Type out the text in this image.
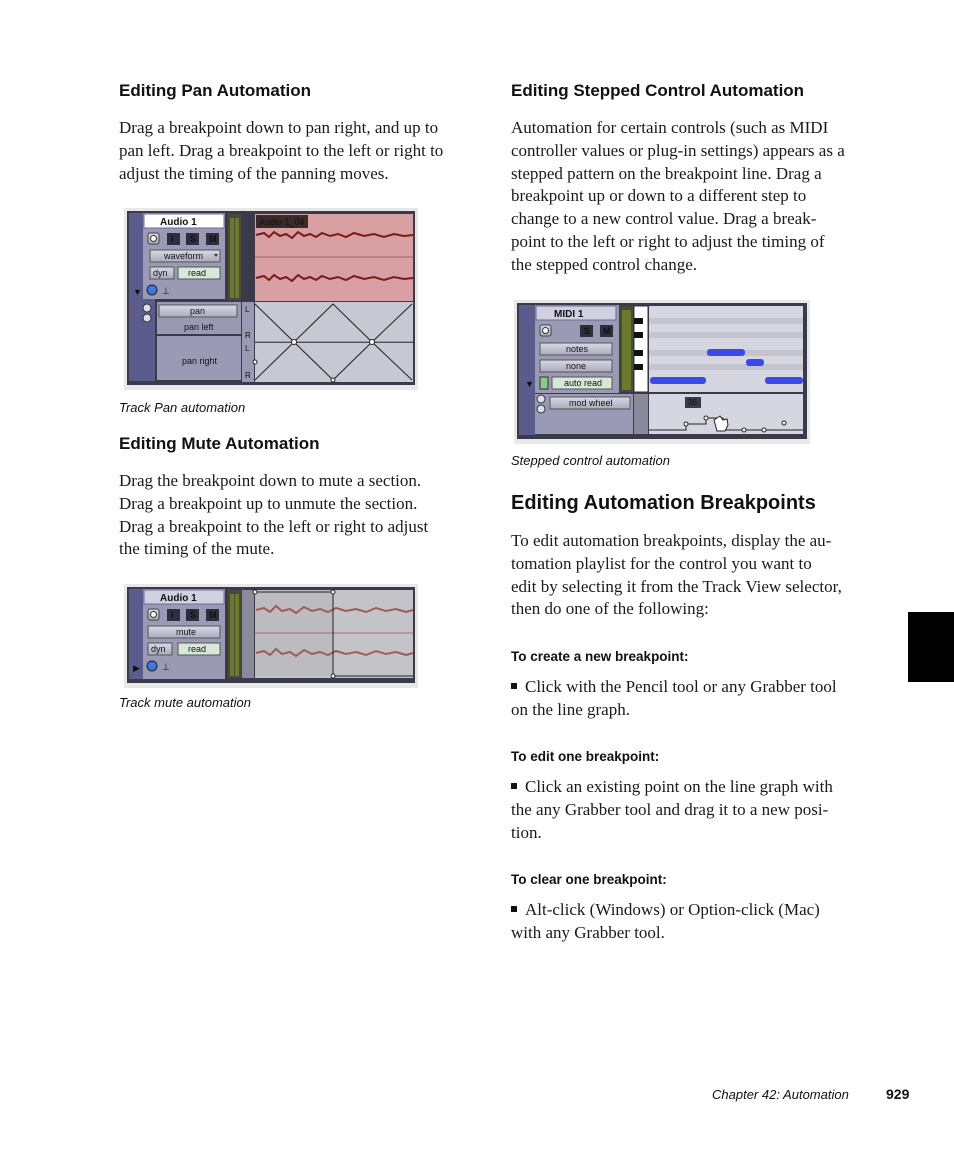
Editing Pan Automation
Drag a breakpoint down to pan right, and up to
pan left. Drag a breakpoint to the left or right to
adjust the timing of the panning moves.
Audio 1
I S M
waveform
dyn read
⊥
▼
pan
pan left
pan right
L
R
L
R
Audio 1_04
Track Pan automation
Editing Mute Automation
Drag the breakpoint down to mute a section.
Drag a breakpoint up to unmute the section.
Drag a breakpoint to the left or right to adjust
the timing of the mute.
Audio 1
I S M
mute
dyn read
⊥
▶
Track mute automation
Editing Stepped Control Automation
Automation for certain controls (such as MIDI
controller values or plug-in settings) appears as a
stepped pattern on the breakpoint line. Drag a
breakpoint up or down to a different step to
change to a new control value. Drag a break-
point to the left or right to adjust the timing of
the stepped control change.
MIDI 1
S M
notes
none
auto read
▼
mod wheel	36
Stepped control automation
Editing Automation Breakpoints
To edit automation breakpoints, display the au-
tomation playlist for the control you want to
edit by selecting it from the Track View selector,
then do one of the following:
To create a new breakpoint:
Click with the Pencil tool or any Grabber tool
on the line graph.
To edit one breakpoint:
Click an existing point on the line graph with
the any Grabber tool and drag it to a new posi-
tion.
To clear one breakpoint:
Alt-click (Windows) or Option-click (Mac)
with any Grabber tool.
Chapter 42: Automation	929
